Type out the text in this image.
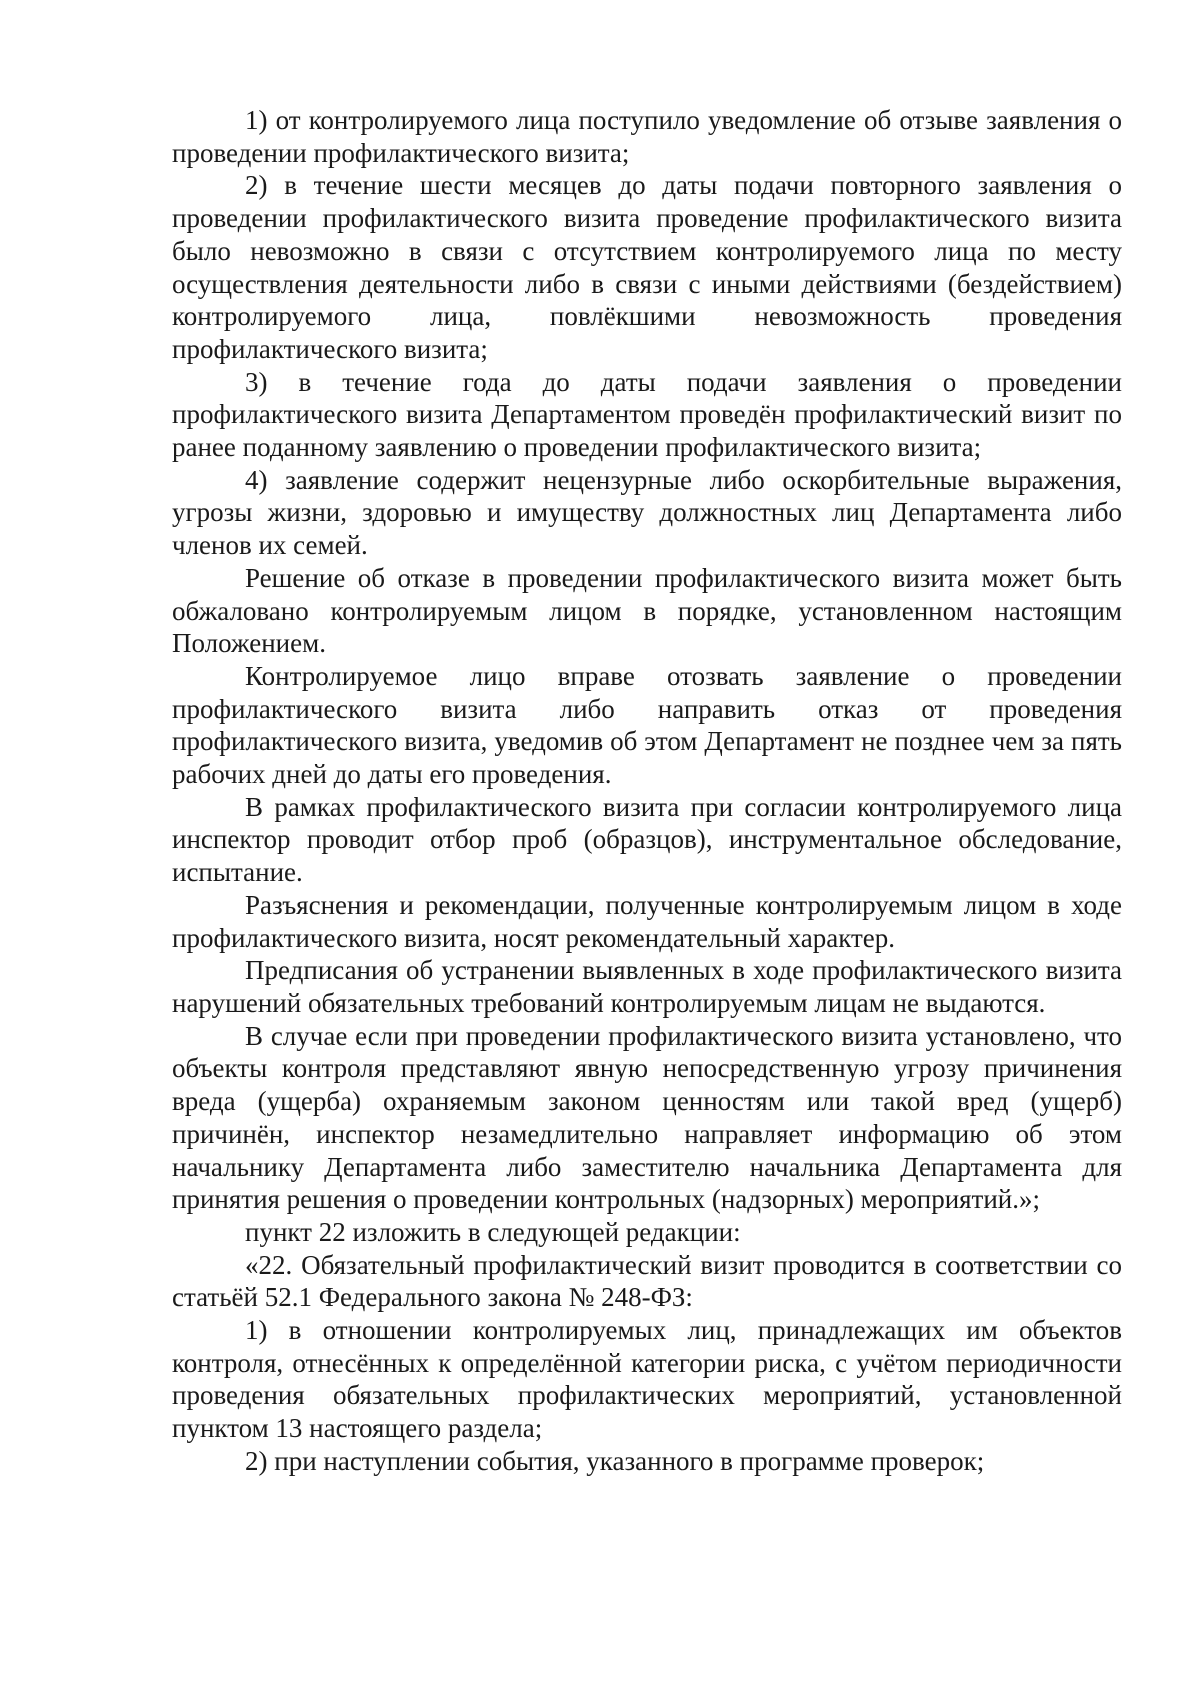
1) от контролируемого лица поступило уведомление об отзыве заявления о проведении профилактического визита;

2) в течение шести месяцев до даты подачи повторного заявления о проведении профилактического визита проведение профилактического визита было невозможно в связи с отсутствием контролируемого лица по месту осуществления деятельности либо в связи с иными действиями (бездействием) контролируемого лица, повлёкшими невозможность проведения профилактического визита;

3) в течение года до даты подачи заявления о проведении профилактического визита Департаментом проведён профилактический визит по ранее поданному заявлению о проведении профилактического визита;

4) заявление содержит нецензурные либо оскорбительные выражения, угрозы жизни, здоровью и имуществу должностных лиц Департамента либо членов их семей.

Решение об отказе в проведении профилактического визита может быть обжаловано контролируемым лицом в порядке, установленном настоящим Положением.

Контролируемое лицо вправе отозвать заявление о проведении профилактического визита либо направить отказ от проведения профилактического визита, уведомив об этом Департамент не позднее чем за пять рабочих дней до даты его проведения.

В рамках профилактического визита при согласии контролируемого лица инспектор проводит отбор проб (образцов), инструментальное обследование, испытание.

Разъяснения и рекомендации, полученные контролируемым лицом в ходе профилактического визита, носят рекомендательный характер.

Предписания об устранении выявленных в ходе профилактического визита нарушений обязательных требований контролируемым лицам не выдаются.

В случае если при проведении профилактического визита установлено, что объекты контроля представляют явную непосредственную угрозу причинения вреда (ущерба) охраняемым законом ценностям или такой вред (ущерб) причинён, инспектор незамедлительно направляет информацию об этом начальнику Департамента либо заместителю начальника Департамента для принятия решения о проведении контрольных (надзорных) мероприятий.»;

пункт 22 изложить в следующей редакции:

«22. Обязательный профилактический визит проводится в соответствии со статьёй 52.1 Федерального закона № 248-ФЗ:

1) в отношении контролируемых лиц, принадлежащих им объектов контроля, отнесённых к определённой категории риска, с учётом периодичности проведения обязательных профилактических мероприятий, установленной пунктом 13 настоящего раздела;

2) при наступлении события, указанного в программе проверок;
